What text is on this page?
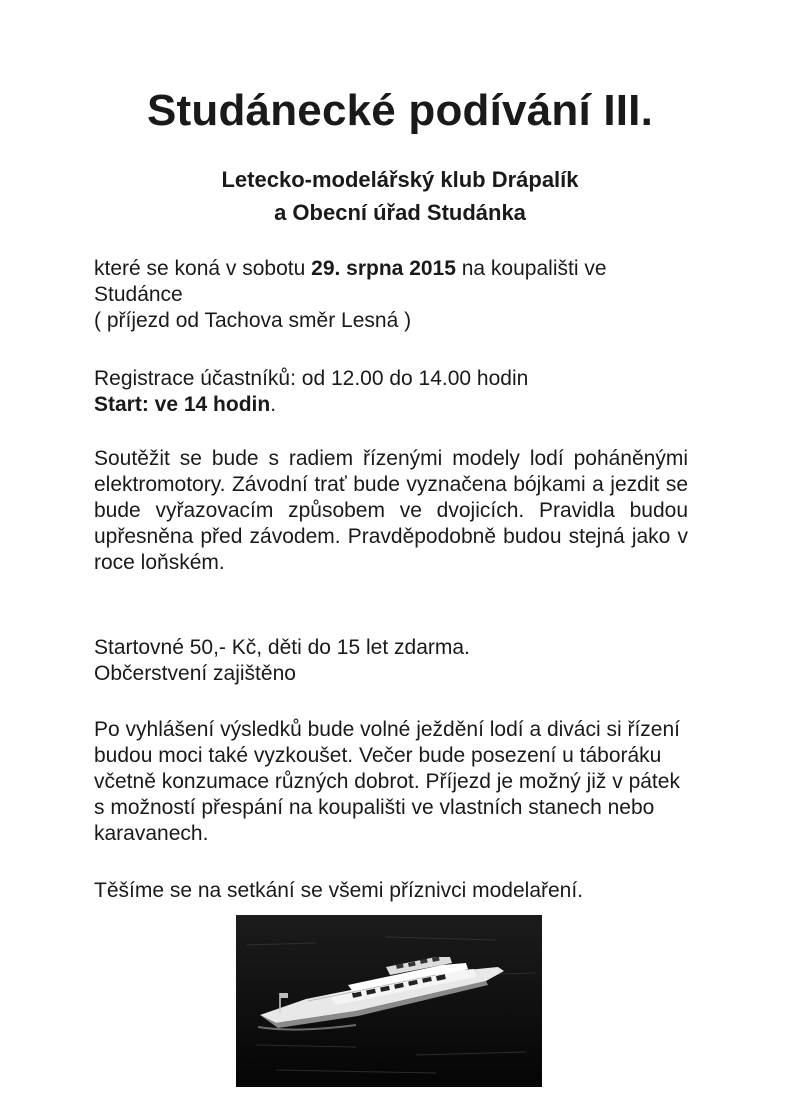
Studánecké podívání III.
Letecko-modelářský klub Drápalík
a Obecní úřad Studánka
které se koná v sobotu 29. srpna 2015 na koupališti ve
Studánce
( příjezd od Tachova směr Lesná )
Registrace účastníků: od 12.00 do 14.00 hodin
Start: ve 14 hodin.
Soutěžit se bude s radiem řízenými modely lodí poháněnými elektromotory. Závodní trať bude vyznačena bójkami a jezdit se bude vyřazovacím způsobem ve dvojicích. Pravidla budou upřesněna před závodem. Pravděpodobně budou stejná jako v roce loňském.
Startovné 50,- Kč, děti do 15 let zdarma.
Občerstvení zajištěno
Po vyhlášení výsledků bude volné ježdění lodí a diváci si řízení budou moci také vyzkoušet. Večer bude posezení u táboráku včetně konzumace různých dobrot. Příjezd je možný již v pátek s možností přespání na koupališti ve vlastních stanech nebo karavanech.
Těšíme se na setkání se všemi příznivci modelaření.
